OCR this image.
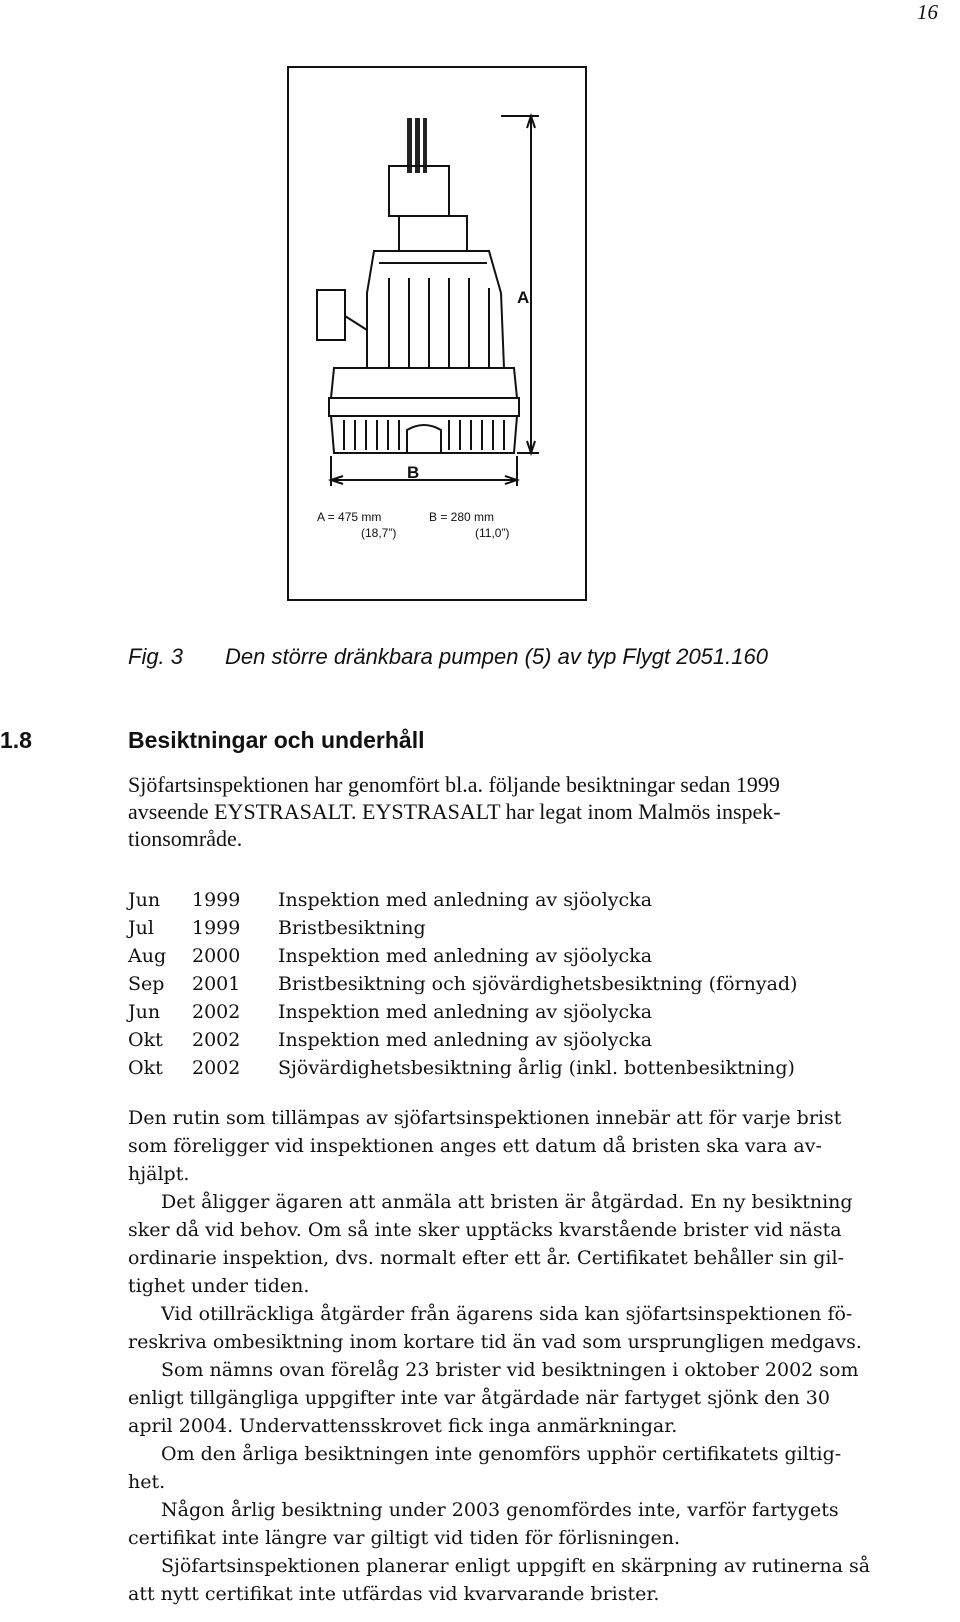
16
A
B
A = 475 mm
(18,7”)
B = 280 mm
(11,0”)
Fig. 3 Den större dränkbara pumpen (5) av typ Flygt 2051.160
1.8	Besiktningar och underhåll

Sjöfartsinspektionen har genomfört bl.a. följande besiktningar sedan 1999

avseende EYSTRASALT. EYSTRASALT har legat inom Malmös inspek-

tionsområde.

Jun	1999	Inspektion med anledning av sjöolycka
Jul	1999	Bristbesiktning
Aug	2000	Inspektion med anledning av sjöolycka
Sep	2001	Bristbesiktning och sjövärdighetsbesiktning (förnyad)
Jun	2002	Inspektion med anledning av sjöolycka
Okt	2002	Inspektion med anledning av sjöolycka
Okt	2002	Sjövärdighetsbesiktning årlig (inkl. bottenbesiktning)

Den rutin som tillämpas av sjöfartsinspektionen innebär att för varje brist
som föreligger vid inspektionen anges ett datum då bristen ska vara av-
hjälpt.

Det åligger ägaren att anmäla att bristen är åtgärdad. En ny besiktning
sker då vid behov. Om så inte sker upptäcks kvarstående brister vid nästa
ordinarie inspektion, dvs. normalt efter ett år. Certifikatet behåller sin gil-
tighet under tiden.

Vid otillräckliga åtgärder från ägarens sida kan sjöfartsinspektionen fö-
reskriva ombesiktning inom kortare tid än vad som ursprungligen medgavs.

Som nämns ovan förelåg 23 brister vid besiktningen i oktober 2002 som
enligt tillgängliga uppgifter inte var åtgärdade när fartyget sjönk den 30
april 2004. Undervattensskrovet fick inga anmärkningar.

Om den årliga besiktningen inte genomförs upphör certifikatets giltig-
het.

Någon årlig besiktning under 2003 genomfördes inte, varför fartygets
certifikat inte längre var giltigt vid tiden för förlisningen.

Sjöfartsinspektionen planerar enligt uppgift en skärpning av rutinerna så
att nytt certifikat inte utfärdas vid kvarvarande brister.
